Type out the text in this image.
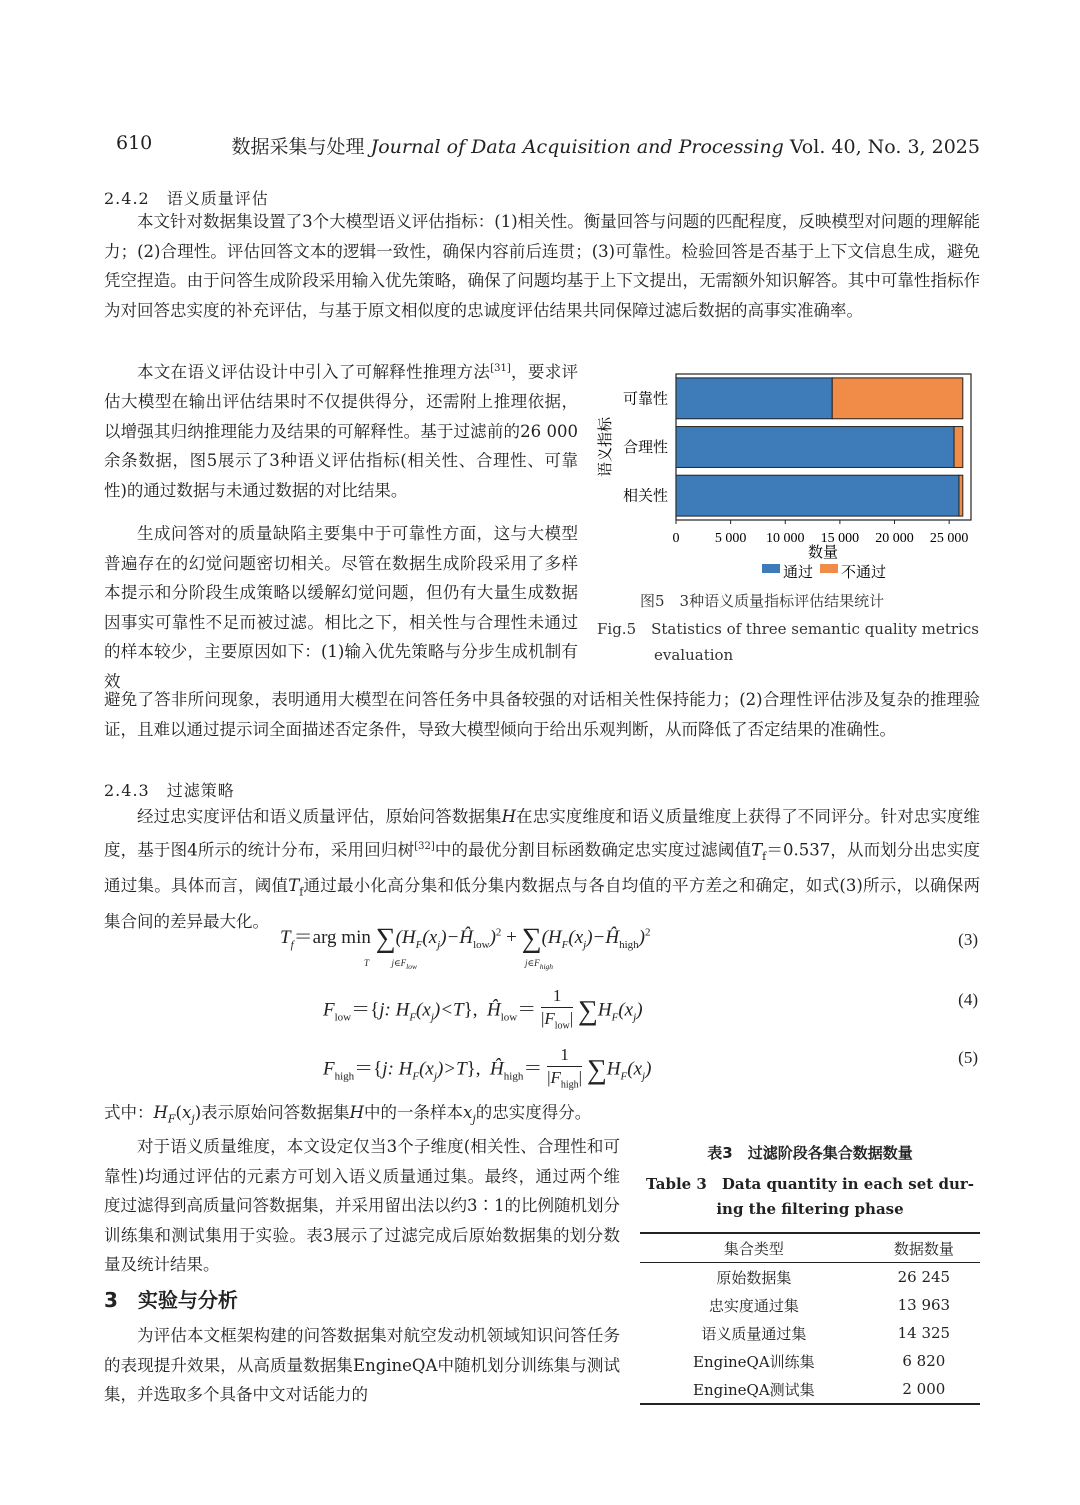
610	数据采集与处理 Journal of Data Acquisition and Processing Vol. 40, No. 3, 2025
2.4.2　语义质量评估
本文针对数据集设置了3个大模型语义评估指标：(1)相关性。衡量回答与问题的匹配程度，反映模型对问题的理解能力；(2)合理性。评估回答文本的逻辑一致性，确保内容前后连贯；(3)可靠性。检验回答是否基于上下文信息生成，避免凭空捏造。由于问答生成阶段采用输入优先策略，确保了问题均基于上下文提出，无需额外知识解答。其中可靠性指标作为对回答忠实度的补充评估，与基于原文相似度的忠诚度评估结果共同保障过滤后数据的高事实准确率。
本文在语义评估设计中引入了可解释性推理方法[31]，要求评估大模型在输出评估结果时不仅提供得分，还需附上推理依据，以增强其归纳推理能力及结果的可解释性。基于过滤前的26 000余条数据，图5展示了3种语义评估指标(相关性、合理性、可靠性)的通过数据与未通过数据的对比结果。
生成问答对的质量缺陷主要集中于可靠性方面，这与大模型普遍存在的幻觉问题密切相关。尽管在数据生成阶段采用了多样本提示和分阶段生成策略以缓解幻觉问题，但仍有大量生成数据因事实可靠性不足而被过滤。相比之下，相关性与合理性未通过的样本较少，主要原因如下：(1)输入优先策略与分步生成机制有效
避免了答非所问现象，表明通用大模型在问答任务中具备较强的对话相关性保持能力；(2)合理性评估涉及复杂的推理验证，且难以通过提示词全面描述否定条件，导致大模型倾向于给出乐观判断，从而降低了否定结果的准确性。
语义指标
可靠性
合理性
相关性
0	5 000 10 000 15 000 20 000 25 000
数量
通过 不通过
图5　3种语义质量指标评估结果统计
Fig.5　Statistics of three semantic quality metrics
evaluation
2.4.3　过滤策略
经过忠实度评估和语义质量评估，原始问答数据集H在忠实度维度和语义质量维度上获得了不同评分。针对忠实度维度，基于图4所示的统计分布，采用回归树[32]中的最优分割目标函数确定忠实度过滤阈值$T_f=0.537$，从而划分出忠实度通过集。具体而言，阈值$T_f$通过最小化高分集和低分集内数据点与各自均值的平方差之和确定，如式(3)所示，以确保两集合间的差异最大化。
$T_f=arg$ $\min \sum(H_F(x_j)-Ĥ_{low})^2$ + $\sum(H_F(x_j)-Ĥ_{high})^2$
T          $j\in F_{low}$                                                $j\in F_{high}$
(3)
$F_{low}=\{j$: $H_F(x_j)<T$},  $Ĥ_{low}=$
1
$|F_{low}|$ $\sum H_F(x_j)$
(4)
$F_{high}=\{j$: $H_F(x_j)>T$},  $Ĥ_{high}=$
1
$|F_{high}|$ $\sum H_F(x_j)$
(5)
式中：$H_F(x_j)$表示原始问答数据集H中的一条样本$x_j$的忠实度得分。
对于语义质量维度，本文设定仅当3个子维度(相关性、合理性和可靠性)均通过评估的元素方可划入语义质量通过集。最终，通过两个维度过滤得到高质量问答数据集，并采用留出法以约3∶1的比例随机划分训练集和测试集用于实验。表3展示了过滤完成后原始数据集的划分数量及统计结果。
表3　过滤阶段各集合数据数量
Table 3　Data quantity in each set dur-
ing the filtering phase
集合类型	数据数量
原始数据集	26 245
忠实度通过集	13 963
语义质量通过集	14 325
EngineQA训练集	6 820
EngineQA测试集	2 000
3　实验与分析
为评估本文框架构建的问答数据集对航空发动机领域知识问答任务的表现提升效果，从高质量数据集EngineQA中随机划分训练集与测试集，并选取多个具备中文对话能力的
